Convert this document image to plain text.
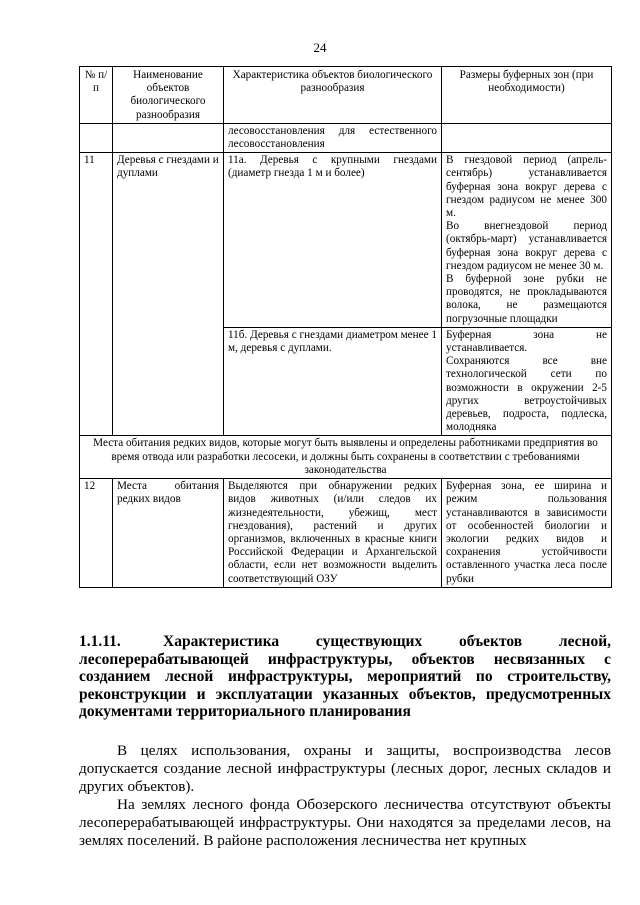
24
№ п/п	Наименование объектов биологического разнообразия	Характеристика объектов биологического разнообразия	Размеры буферных зон (при необходимости)
		лесовосстановления для естественного лесовосстановления	
11	Деревья с гнездами и дуплами	11а. Деревья с крупными гнездами (диаметр гнезда 1 м и более)	В гнездовой период (апрель-сентябрь) устанавливается буферная зона вокруг дерева с гнездом радиусом не менее 300 м.
Во внегнездовой период (октябрь-март) устанавливается буферная зона вокруг дерева с гнездом радиусом не менее 30 м.
В буферной зоне рубки не проводятся, не прокладываются волока, не размещаются погрузочные площадки

		11б. Деревья с гнездами диаметром менее 1 м, деревья с дуплами.	Буферная зона не устанавливается.
Сохраняются все вне технологической сети по возможности в окружении 2-5 других ветроустойчивых деревьев, подроста, подлеска, молодняка

Места обитания редких видов, которые могут быть выявлены и определены работниками предприятия во время отвода или разработки лесосеки, и должны быть сохранены в соответствии с требованиями законодательства			
12	Места обитания редких видов	Выделяются при обнаружении редких видов животных (и/или следов их жизнедеятельности, убежищ, мест гнездования), растений и других организмов, включенных в красные книги Российской Федерации и Архангельской области, если нет возможности выделить соответствующий ОЗУ	Буферная зона, ее ширина и режим пользования устанавливаются в зависимости от особенностей биологии и экологии редких видов и сохранения устойчивости оставленного участка леса после рубки
1.1.11.	Характеристика существующих объектов лесной, лесоперерабатывающей инфраструктуры, объектов несвязанных с созданием лесной инфраструктуры, мероприятий по строительству, реконструкции и эксплуатации указанных объектов, предусмотренных документами территориального планирования

В целях использования, охраны и защиты, воспроизводства лесов допускается создание лесной инфраструктуры (лесных дорог, лесных складов и других объектов).

На землях лесного фонда Обозерского лесничества отсутствуют объекты лесоперерабатывающей инфраструктуры. Они находятся за пределами лесов, на землях поселений. В районе расположения лесничества нет крупных
